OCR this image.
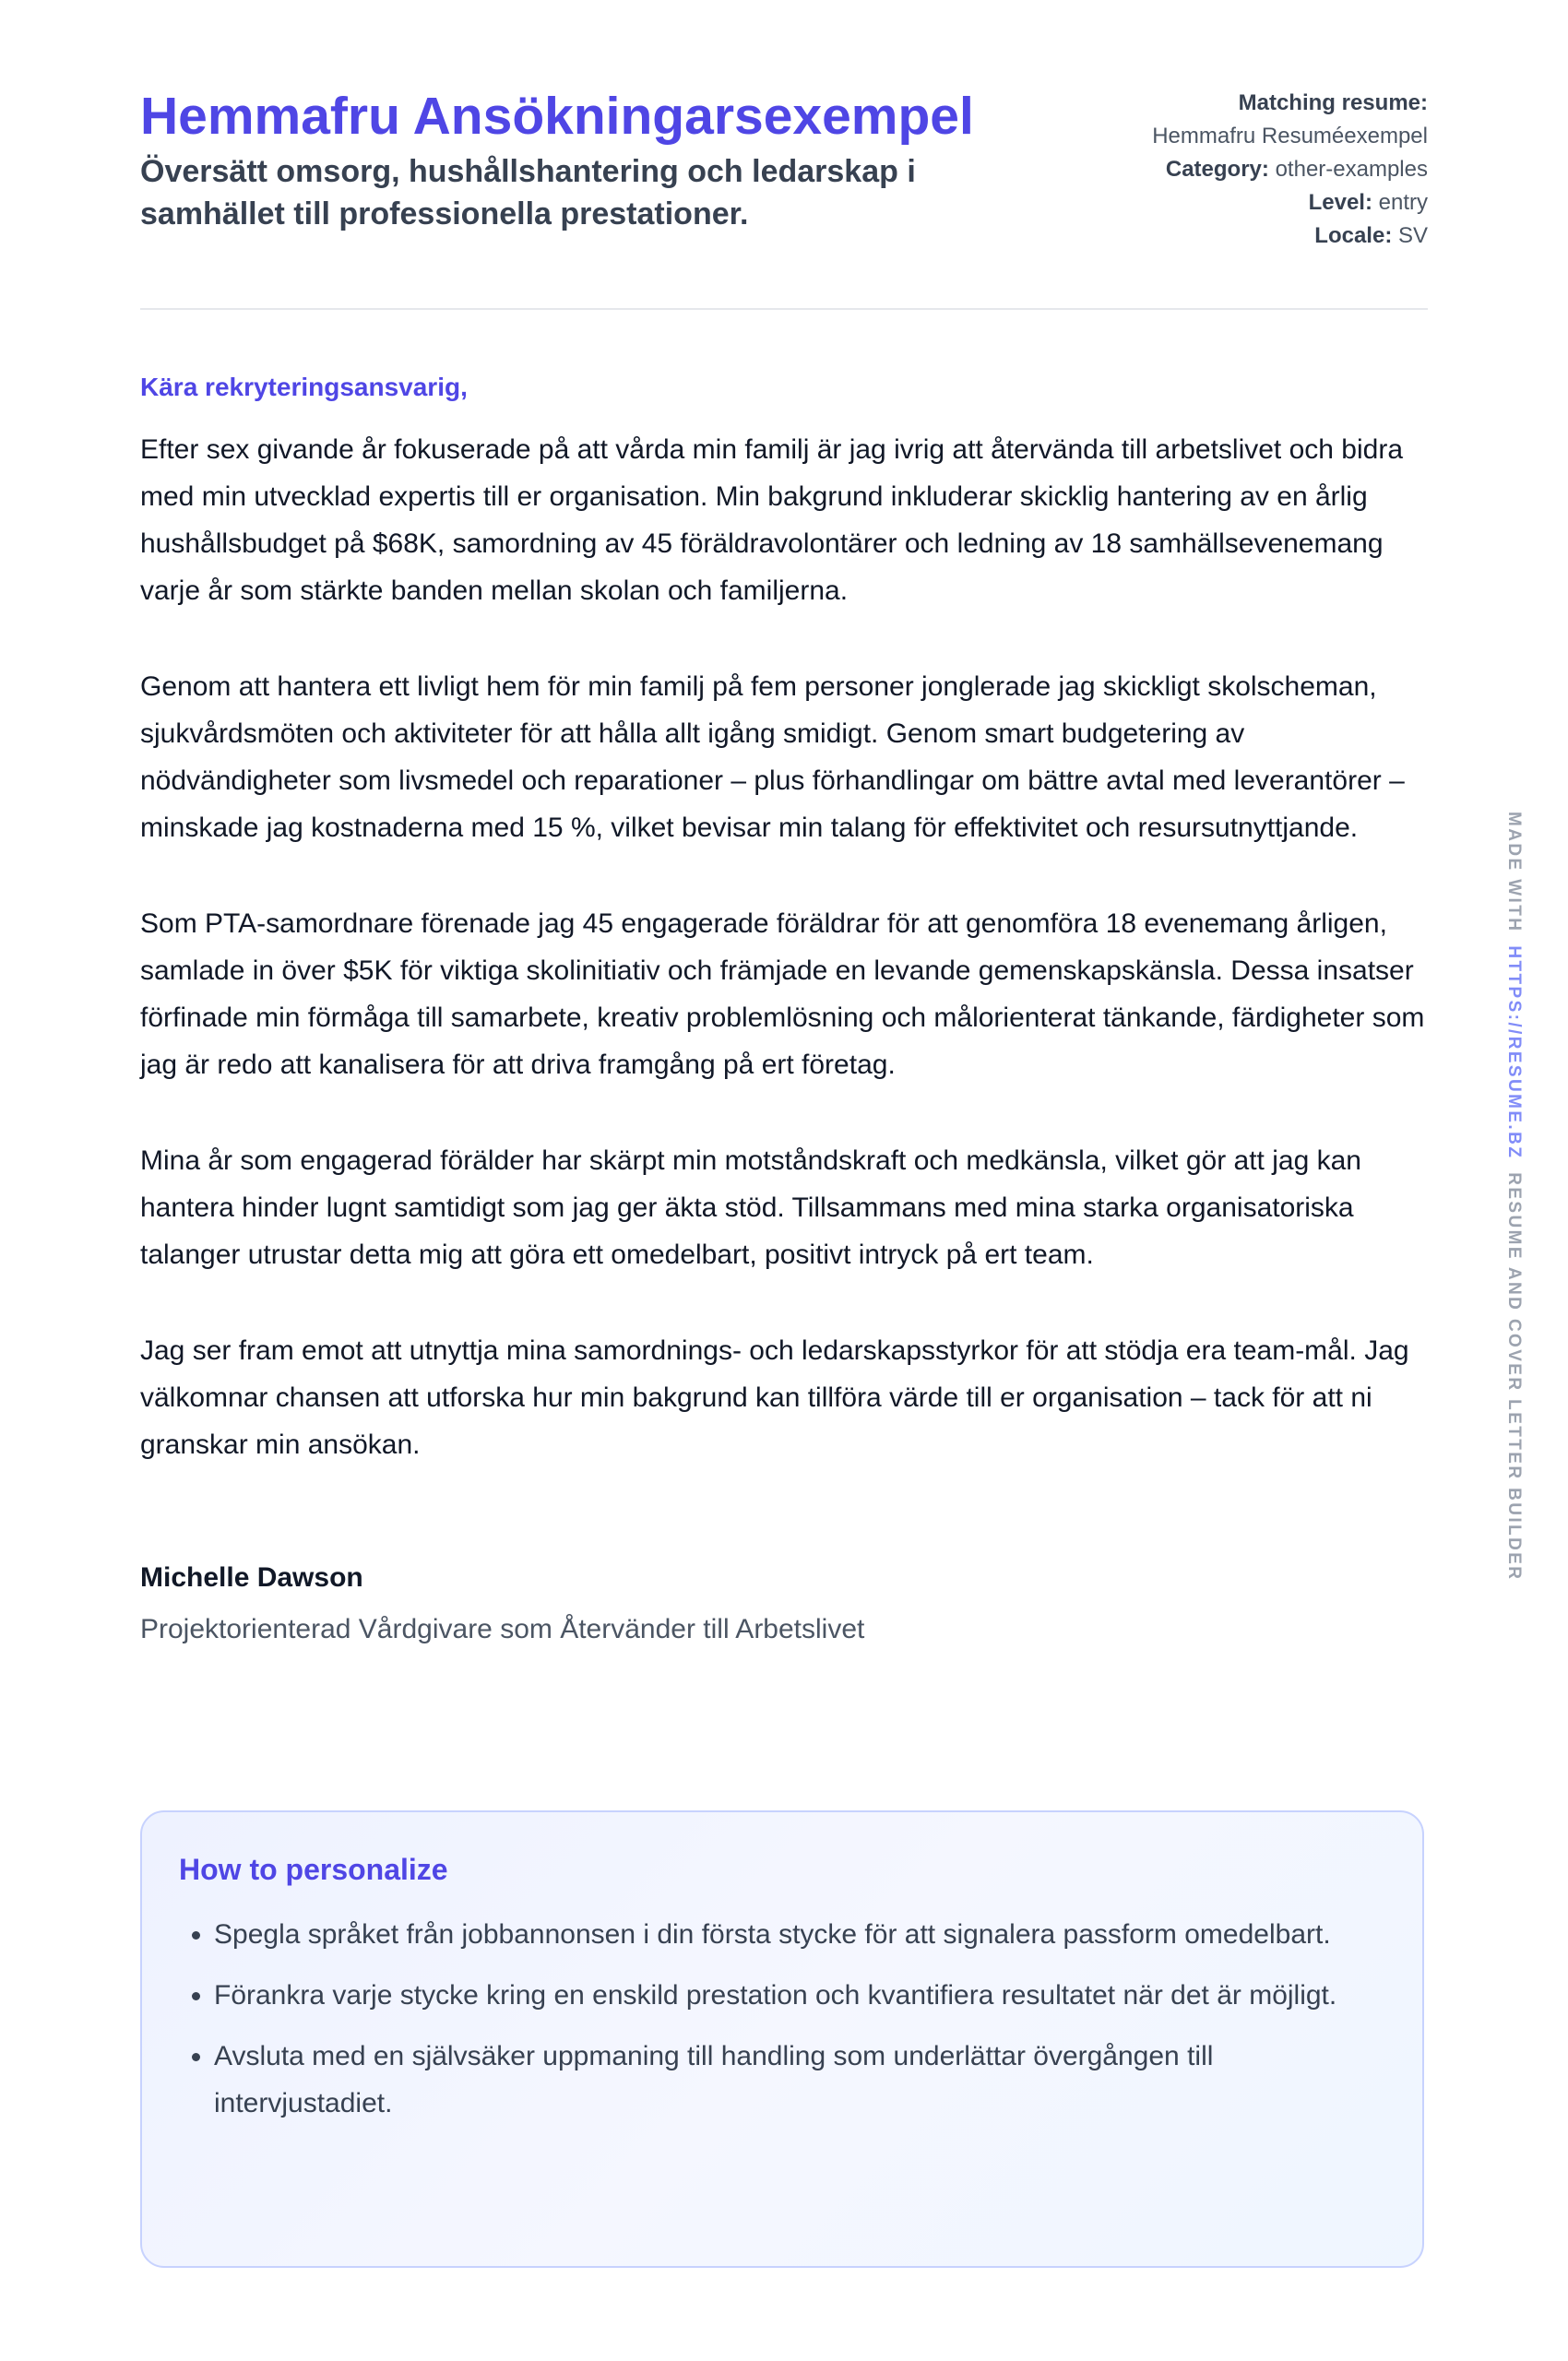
Hemmafru Ansökningarsexempel
Översätt omsorg, hushållshantering och ledarskap i samhället till professionella prestationer.
Matching resume:
Hemmafru Resuméexempel
Category: other-examples
Level: entry
Locale: SV
Kära rekryteringsansvarig,

Efter sex givande år fokuserade på att vårda min familj är jag ivrig att återvända till arbetslivet och bidra med min utvecklad expertis till er organisation. Min bakgrund inkluderar skicklig hantering av en årlig hushållsbudget på $68K, samordning av 45 föräldravolontärer och ledning av 18 samhällsevenemang varje år som stärkte banden mellan skolan och familjerna.

Genom att hantera ett livligt hem för min familj på fem personer jonglerade jag skickligt skolscheman, sjukvårdsmöten och aktiviteter för att hålla allt igång smidigt. Genom smart budgetering av nödvändigheter som livsmedel och reparationer – plus förhandlingar om bättre avtal med leverantörer – minskade jag kostnaderna med 15 %, vilket bevisar min talang för effektivitet och resursutnyttjande.

Som PTA-samordnare förenade jag 45 engagerade föräldrar för att genomföra 18 evenemang årligen, samlade in över $5K för viktiga skolinitiativ och främjade en levande gemenskapskänsla. Dessa insatser förfinade min förmåga till samarbete, kreativ problemlösning och målorienterat tänkande, färdigheter som jag är redo att kanalisera för att driva framgång på ert företag.

Mina år som engagerad förälder har skärpt min motståndskraft och medkänsla, vilket gör att jag kan hantera hinder lugnt samtidigt som jag ger äkta stöd. Tillsammans med mina starka organisatoriska talanger utrustar detta mig att göra ett omedelbart, positivt intryck på ert team.

Jag ser fram emot att utnyttja mina samordnings- och ledarskapsstyrkor för att stödja era team-mål. Jag välkomnar chansen att utforska hur min bakgrund kan tillföra värde till er organisation – tack för att ni granskar min ansökan.

Michelle Dawson
Projektorienterad Vårdgivare som Återvänder till Arbetslivet
How to personalize
• Spegla språket från jobbannonsen i din första stycke för att signalera passform omedelbart.
• Förankra varje stycke kring en enskild prestation och kvantifiera resultatet när det är möjligt.
• Avsluta med en självsäker uppmaning till handling som underlättar övergången till intervjustadiet.
MADE WITHHTTPS://RESUME.BZRESUME AND COVER LETTER BUILDER
